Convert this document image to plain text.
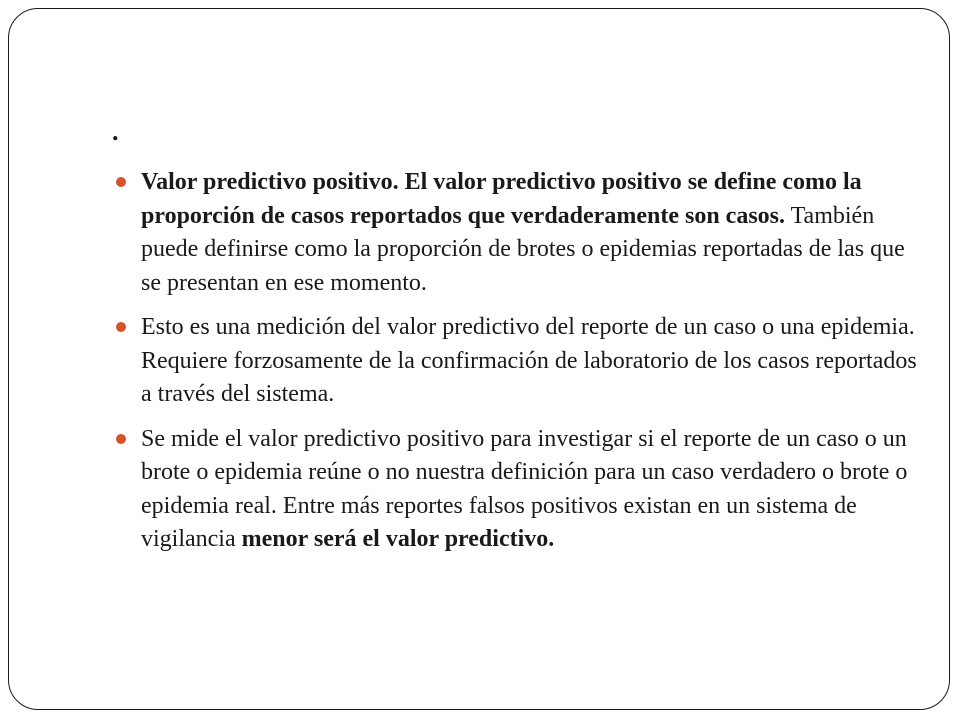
.
Valor predictivo positivo. El valor predictivo positivo se define como la proporción de casos reportados que verdaderamente son casos. También puede definirse como la proporción de brotes o epidemias reportadas de las que se presentan en ese momento.
Esto es una medición del valor predictivo del reporte de un caso o una epidemia. Requiere forzosamente de la confirmación de laboratorio de los casos reportados a través del sistema.
Se mide el valor predictivo positivo para investigar si el reporte de un caso o un brote o epidemia reúne o no nuestra definición para un caso verdadero o brote o epidemia real. Entre más reportes falsos positivos existan en un sistema de vigilancia menor será el valor predictivo.
